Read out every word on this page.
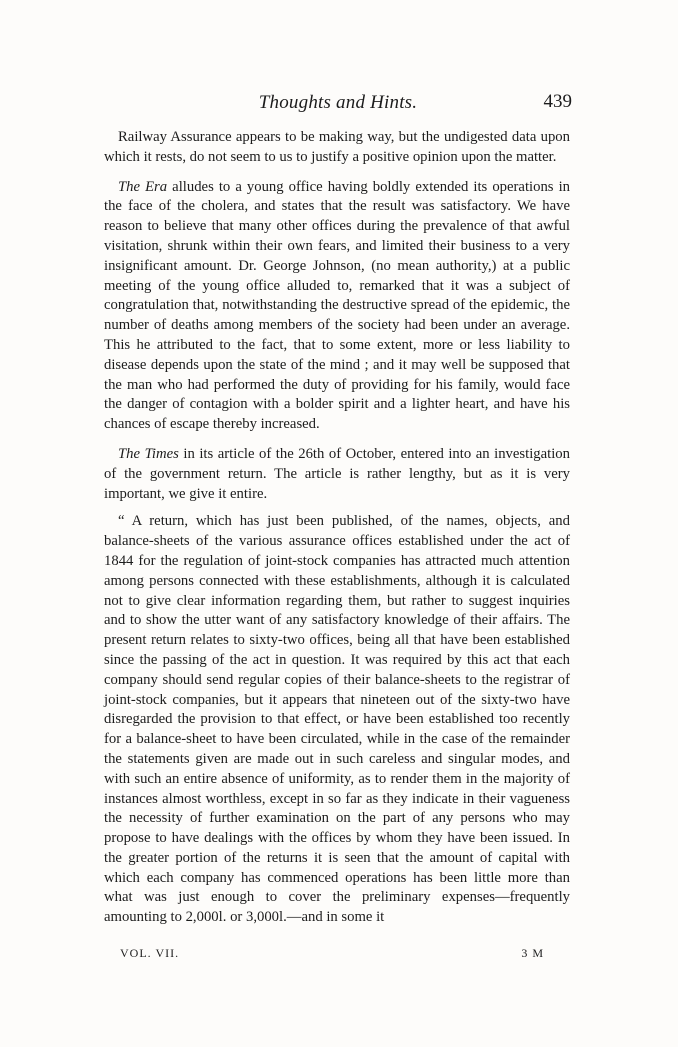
Thoughts and Hints.	439

Railway Assurance appears to be making way, but the undigested data upon which it rests, do not seem to us to justify a positive opinion upon the matter.

The Era alludes to a young office having boldly extended its operations in the face of the cholera, and states that the result was satisfactory. We have reason to believe that many other offices during the prevalence of that awful visitation, shrunk within their own fears, and limited their business to a very insignificant amount. Dr. George Johnson, (no mean authority,) at a public meeting of the young office alluded to, remarked that it was a subject of congratulation that, notwithstanding the destructive spread of the epidemic, the number of deaths among members of the society had been under an average. This he attributed to the fact, that to some extent, more or less liability to disease depends upon the state of the mind ; and it may well be supposed that the man who had performed the duty of providing for his family, would face the danger of contagion with a bolder spirit and a lighter heart, and have his chances of escape thereby increased.

The Times in its article of the 26th of October, entered into an investigation of the government return. The article is rather lengthy, but as it is very important, we give it entire.

“ A return, which has just been published, of the names, objects, and balance-sheets of the various assurance offices established under the act of 1844 for the regulation of joint-stock companies has attracted much attention among persons connected with these establishments, although it is calculated not to give clear information regarding them, but rather to suggest inquiries and to show the utter want of any satisfactory knowledge of their affairs. The present return relates to sixty-two offices, being all that have been established since the passing of the act in question. It was required by this act that each company should send regular copies of their balance-sheets to the registrar of joint-stock companies, but it appears that nineteen out of the sixty-two have disregarded the provision to that effect, or have been established too recently for a balance-sheet to have been circulated, while in the case of the remainder the statements given are made out in such careless and singular modes, and with such an entire absence of uniformity, as to render them in the majority of instances almost worthless, except in so far as they indicate in their vagueness the necessity of further examination on the part of any persons who may propose to have dealings with the offices by whom they have been issued. In the greater portion of the returns it is seen that the amount of capital with which each company has commenced operations has been little more than what was just enough to cover the preliminary expenses—frequently amounting to 2,000l. or 3,000l.—and in some it

VOL. VII.	3 M
